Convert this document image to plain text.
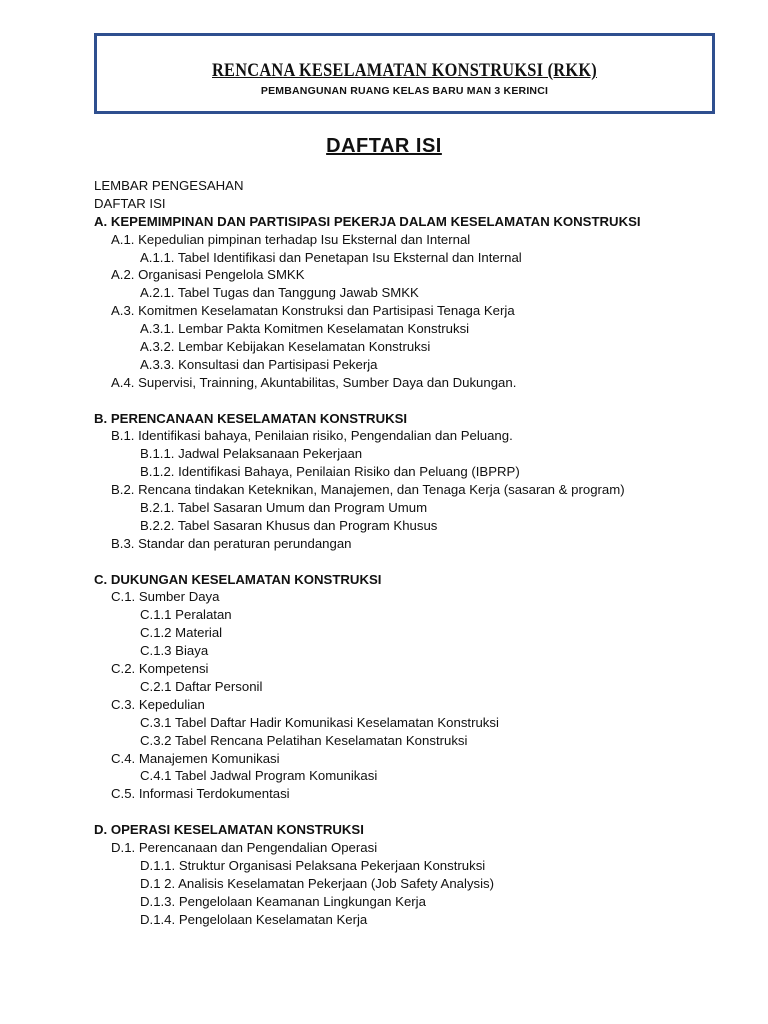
RENCANA KESELAMATAN KONSTRUKSI (RKK)
PEMBANGUNAN RUANG KELAS BARU MAN 3 KERINCI
DAFTAR ISI
LEMBAR PENGESAHAN
DAFTAR ISI
A. KEPEMIMPINAN DAN PARTISIPASI PEKERJA DALAM KESELAMATAN KONSTRUKSI
A.1. Kepedulian pimpinan terhadap Isu Eksternal dan Internal
A.1.1. Tabel Identifikasi dan Penetapan Isu Eksternal dan Internal
A.2. Organisasi Pengelola SMKK
A.2.1. Tabel Tugas dan Tanggung Jawab SMKK
A.3. Komitmen Keselamatan Konstruksi dan Partisipasi Tenaga Kerja
A.3.1. Lembar Pakta Komitmen Keselamatan Konstruksi
A.3.2. Lembar Kebijakan Keselamatan Konstruksi
A.3.3. Konsultasi dan Partisipasi Pekerja
A.4. Supervisi, Trainning, Akuntabilitas, Sumber Daya dan Dukungan.
B. PERENCANAAN KESELAMATAN KONSTRUKSI
B.1. Identifikasi bahaya, Penilaian risiko, Pengendalian dan Peluang.
B.1.1. Jadwal Pelaksanaan Pekerjaan
B.1.2. Identifikasi Bahaya, Penilaian Risiko dan Peluang (IBPRP)
B.2. Rencana tindakan Keteknikan, Manajemen, dan Tenaga Kerja (sasaran & program)
B.2.1. Tabel Sasaran Umum dan Program Umum
B.2.2. Tabel Sasaran Khusus dan Program Khusus
B.3. Standar dan peraturan perundangan
C. DUKUNGAN KESELAMATAN KONSTRUKSI
C.1. Sumber Daya
C.1.1 Peralatan
C.1.2 Material
C.1.3 Biaya
C.2. Kompetensi
C.2.1 Daftar Personil
C.3. Kepedulian
C.3.1 Tabel Daftar Hadir Komunikasi Keselamatan Konstruksi
C.3.2 Tabel Rencana Pelatihan Keselamatan Konstruksi
C.4. Manajemen Komunikasi
C.4.1 Tabel Jadwal Program Komunikasi
C.5. Informasi Terdokumentasi
D. OPERASI KESELAMATAN KONSTRUKSI
D.1. Perencanaan dan Pengendalian Operasi
D.1.1. Struktur Organisasi Pelaksana Pekerjaan Konstruksi
D.1 2. Analisis Keselamatan Pekerjaan (Job Safety Analysis)
D.1.3. Pengelolaan Keamanan Lingkungan Kerja
D.1.4. Pengelolaan Keselamatan Kerja
